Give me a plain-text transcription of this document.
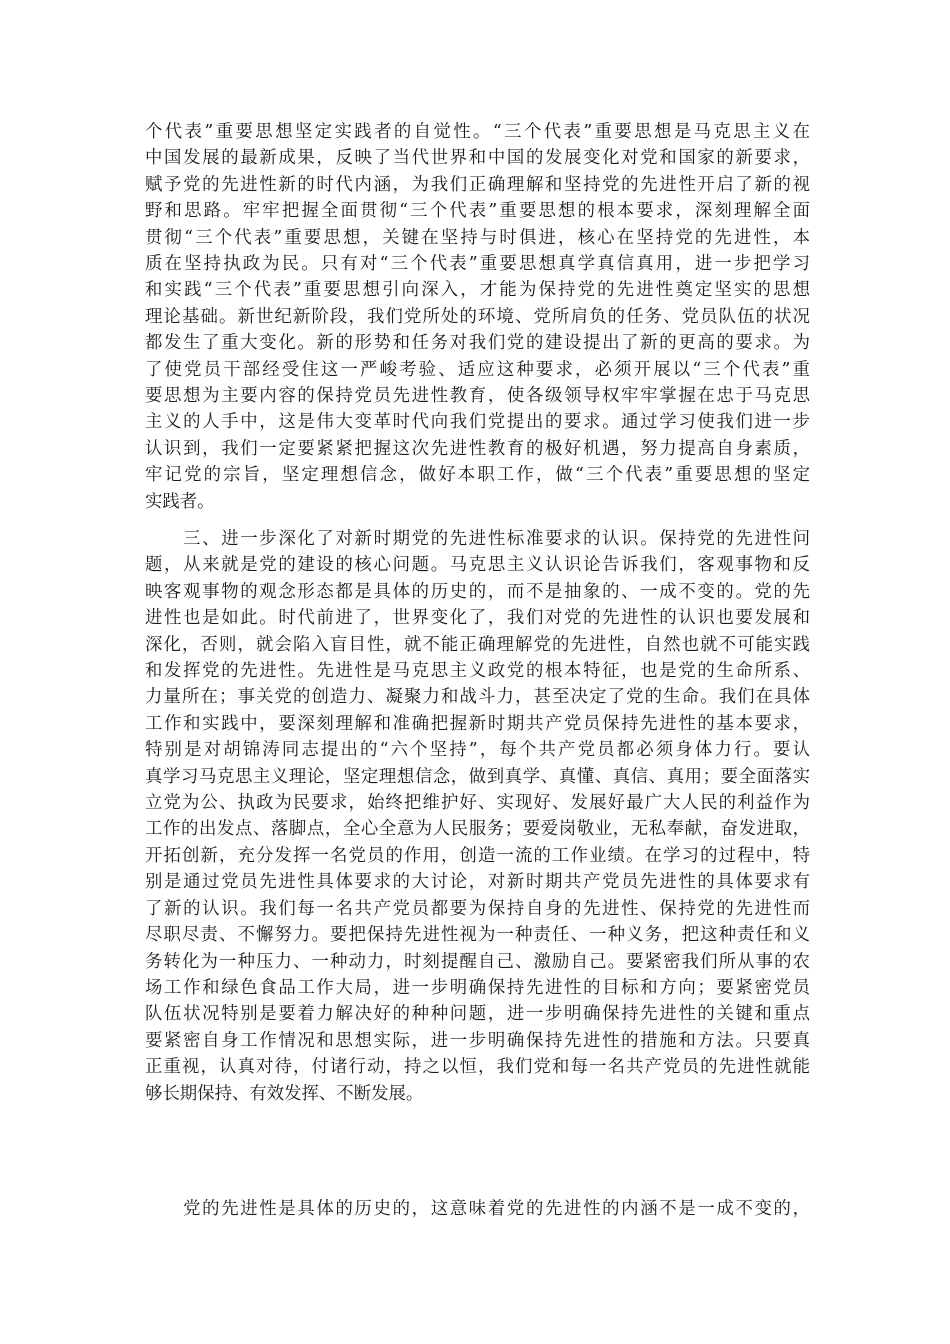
个代表”重要思想坚定实践者的自觉性。“三个代表”重要思想是马克思主义在
中国发展的最新成果，反映了当代世界和中国的发展变化对党和国家的新要求，
赋予党的先进性新的时代内涵，为我们正确理解和坚持党的先进性开启了新的视
野和思路。牢牢把握全面贯彻“三个代表”重要思想的根本要求，深刻理解全面
贯彻“三个代表”重要思想，关键在坚持与时俱进，核心在坚持党的先进性，本
质在坚持执政为民。只有对“三个代表”重要思想真学真信真用，进一步把学习
和实践“三个代表”重要思想引向深入，才能为保持党的先进性奠定坚实的思想
理论基础。新世纪新阶段，我们党所处的环境、党所肩负的任务、党员队伍的状况
都发生了重大变化。新的形势和任务对我们党的建设提出了新的更高的要求。为
了使党员干部经受住这一严峻考验、适应这种要求，必须开展以“三个代表”重
要思想为主要内容的保持党员先进性教育，使各级领导权牢牢掌握在忠于马克思
主义的人手中，这是伟大变革时代向我们党提出的要求。通过学习使我们进一步
认识到，我们一定要紧紧把握这次先进性教育的极好机遇，努力提高自身素质，
牢记党的宗旨，坚定理想信念，做好本职工作，做“三个代表”重要思想的坚定
实践者。
　　三、进一步深化了对新时期党的先进性标准要求的认识。保持党的先进性问
题，从来就是党的建设的核心问题。马克思主义认识论告诉我们，客观事物和反
映客观事物的观念形态都是具体的历史的，而不是抽象的、一成不变的。党的先
进性也是如此。时代前进了，世界变化了，我们对党的先进性的认识也要发展和
深化，否则，就会陷入盲目性，就不能正确理解党的先进性，自然也就不可能实践
和发挥党的先进性。先进性是马克思主义政党的根本特征，也是党的生命所系、
力量所在；事关党的创造力、凝聚力和战斗力，甚至决定了党的生命。我们在具体
工作和实践中，要深刻理解和准确把握新时期共产党员保持先进性的基本要求，
特别是对胡锦涛同志提出的“六个坚持”，每个共产党员都必须身体力行。要认
真学习马克思主义理论，坚定理想信念，做到真学、真懂、真信、真用；要全面落实
立党为公、执政为民要求，始终把维护好、实现好、发展好最广大人民的利益作为
工作的出发点、落脚点，全心全意为人民服务；要爱岗敬业，无私奉献，奋发进取，
开拓创新，充分发挥一名党员的作用，创造一流的工作业绩。在学习的过程中，特
别是通过党员先进性具体要求的大讨论，对新时期共产党员先进性的具体要求有
了新的认识。我们每一名共产党员都要为保持自身的先进性、保持党的先进性而
尽职尽责、不懈努力。要把保持先进性视为一种责任、一种义务，把这种责任和义
务转化为一种压力、一种动力，时刻提醒自己、激励自己。要紧密我们所从事的农
场工作和绿色食品工作大局，进一步明确保持先进性的目标和方向；要紧密党员
队伍状况特别是要着力解决好的种种问题，进一步明确保持先进性的关键和重点
要紧密自身工作情况和思想实际，进一步明确保持先进性的措施和方法。只要真
正重视，认真对待，付诸行动，持之以恒，我们党和每一名共产党员的先进性就能
够长期保持、有效发挥、不断发展。
　　党的先进性是具体的历史的，这意味着党的先进性的内涵不是一成不变的，
